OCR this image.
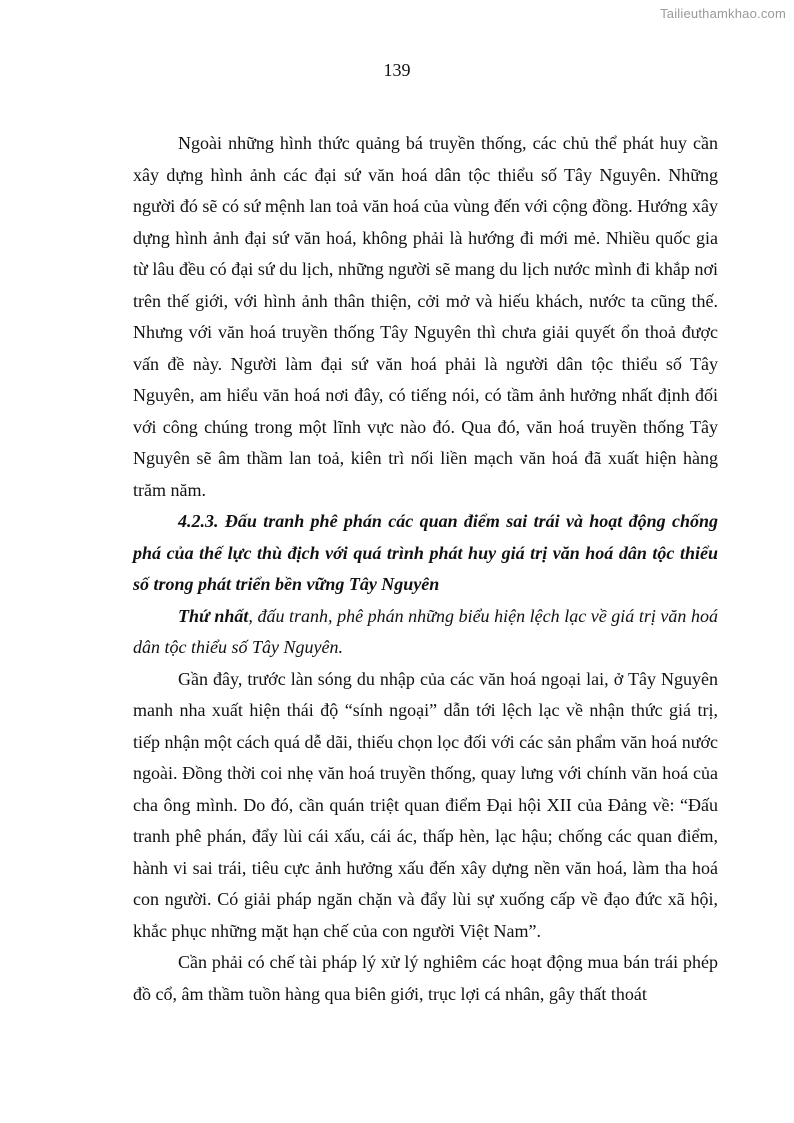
Tailieuthamkhao.com
139

Ngoài những hình thức quảng bá truyền thống, các chủ thể phát huy cần xây dựng hình ảnh các đại sứ văn hoá dân tộc thiểu số Tây Nguyên. Những người đó sẽ có sứ mệnh lan toả văn hoá của vùng đến với cộng đồng. Hướng xây dựng hình ảnh đại sứ văn hoá, không phải là hướng đi mới mẻ. Nhiều quốc gia từ lâu đều có đại sứ du lịch, những người sẽ mang du lịch nước mình đi khắp nơi trên thế giới, với hình ảnh thân thiện, cởi mở và hiếu khách, nước ta cũng thế. Nhưng với văn hoá truyền thống Tây Nguyên thì chưa giải quyết ổn thoả được vấn đề này. Người làm đại sứ văn hoá phải là người dân tộc thiểu số Tây Nguyên, am hiểu văn hoá nơi đây, có tiếng nói, có tầm ảnh hưởng nhất định đối với công chúng trong một lĩnh vực nào đó. Qua đó, văn hoá truyền thống Tây Nguyên sẽ âm thầm lan toả, kiên trì nối liền mạch văn hoá đã xuất hiện hàng trăm năm.

4.2.3. Đấu tranh phê phán các quan điểm sai trái và hoạt động chống phá của thế lực thù địch với quá trình phát huy giá trị văn hoá dân tộc thiểu số trong phát triển bền vững Tây Nguyên

Thứ nhất, đấu tranh, phê phán những biểu hiện lệch lạc về giá trị văn hoá dân tộc thiểu số Tây Nguyên.

Gần đây, trước làn sóng du nhập của các văn hoá ngoại lai, ở Tây Nguyên manh nha xuất hiện thái độ “sính ngoại” dẫn tới lệch lạc về nhận thức giá trị, tiếp nhận một cách quá dễ dãi, thiếu chọn lọc đối với các sản phẩm văn hoá nước ngoài. Đồng thời coi nhẹ văn hoá truyền thống, quay lưng với chính văn hoá của cha ông mình. Do đó, cần quán triệt quan điểm Đại hội XII của Đảng về: “Đấu tranh phê phán, đẩy lùi cái xấu, cái ác, thấp hèn, lạc hậu; chống các quan điểm, hành vi sai trái, tiêu cực ảnh hưởng xấu đến xây dựng nền văn hoá, làm tha hoá con người. Có giải pháp ngăn chặn và đẩy lùi sự xuống cấp về đạo đức xã hội, khắc phục những mặt hạn chế của con người Việt Nam”.

Cần phải có chế tài pháp lý xử lý nghiêm các hoạt động mua bán trái phép đồ cổ, âm thầm tuồn hàng qua biên giới, trục lợi cá nhân, gây thất thoát
